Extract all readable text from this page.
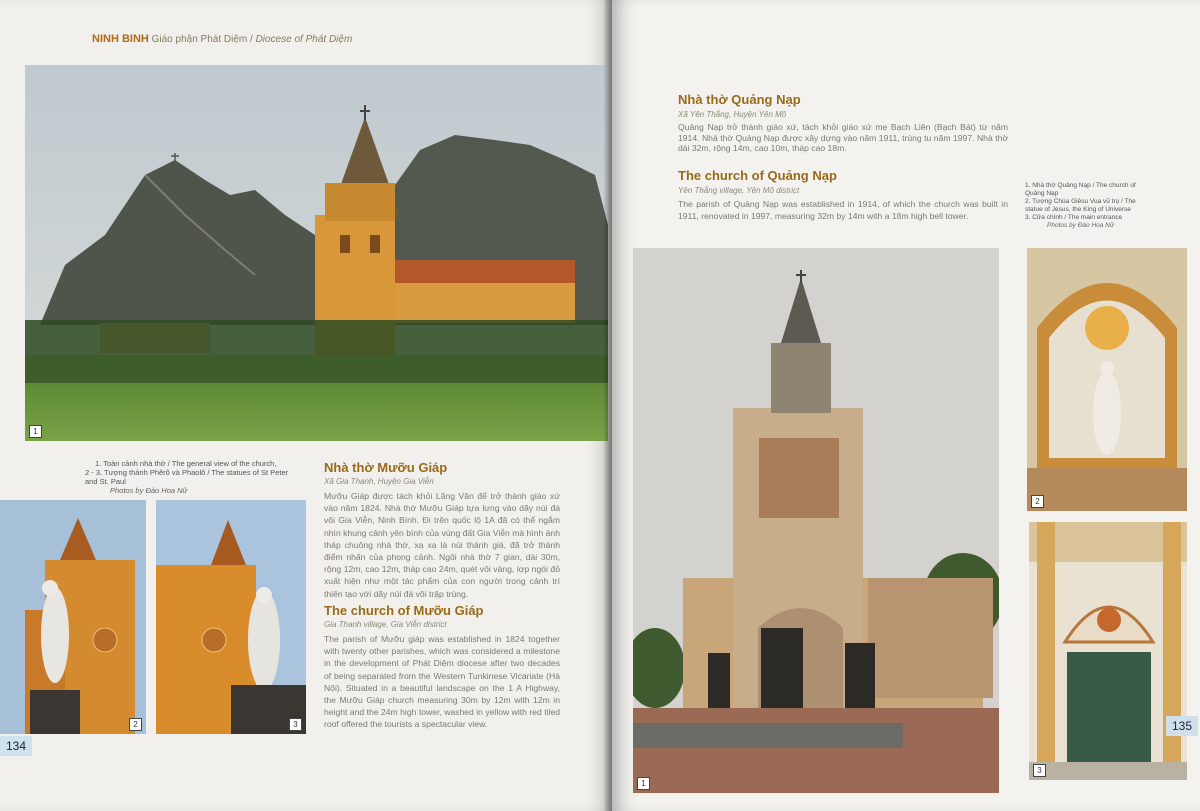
NINH BINH Giáo phận Phát Diệm / Diocese of Phát Diệm
1
1. Toàn cảnh nhà thờ / The general view of the church,
2 - 3. Tượng thánh Phêrô và Phaolô / The statues of St Peter and St. Paul
Photos by Đào Hoa Nữ
2	3
Nhà thờ Mưỡu Giáp
Xã Gia Thanh, Huyện Gia Viễn
Mưỡu Giáp được tách khỏi Lãng Vân để trở thành giáo xứ vào năm 1824. Nhà thờ Mưỡu Giáp tựa lưng vào dãy núi đá vôi Gia Viễn, Ninh Bình. Đi trên quốc lộ 1A đã có thể ngắm nhìn khung cảnh yên bình của vùng đất Gia Viễn mà hình ảnh tháp chuông nhà thờ, xa xa là núi thánh giá, đã trở thành điểm nhấn của phong cảnh. Ngôi nhà thờ 7 gian, dài 30m, rộng 12m, cao 12m, tháp cao 24m, quét vôi vàng, lợp ngói đỏ xuất hiện như một tác phẩm của con người trong cảnh trí thiên tạo với dãy núi đá vôi trập trùng.
The church of Mưỡu Giáp
Gia Thanh village, Gia Viễn district
The parish of Mưỡu giáp was established in 1824 together with twenty other parishes, which was considered a milestone in the development of Phát Diệm diocese after two decades of being separated from the Western Tunkinese Vicariate (Hà Nội). Situated in a beautiful landscape on the 1 A Highway, the Mưỡu Giáp church measuring 30m by 12m with 12m in height and the 24m high tower, washed in yellow with red tiled roof offered the tourists a spectacular view.
134
Nhà thờ Quảng Nạp
Xã Yên Thắng, Huyện Yên Mô
Quảng Nạp trở thành giáo xứ, tách khỏi giáo xứ mẹ Bạch Liên (Bạch Bát) từ năm 1914. Nhà thờ Quảng Nạp được xây dựng vào năm 1911, trùng tu năm 1997. Nhà thờ dài 32m, rộng 14m, cao 10m, tháp cao 18m.
The church of Quảng Nạp
Yên Thắng village, Yên Mô district
The parish of Quảng Nạp was established in 1914, of which the church was built in 1911, renovated in 1997, measuring 32m by 14m with a 18m high bell tower.
1. Nhà thờ Quảng Nạp / The church of Quảng Nạp
2. Tượng Chúa Giêsu Vua vũ trụ / The statue of Jesus, the King of Universe
3. Cửa chính / The main entrance
Photos by Đào Hoa Nữ
1
2
3
135
